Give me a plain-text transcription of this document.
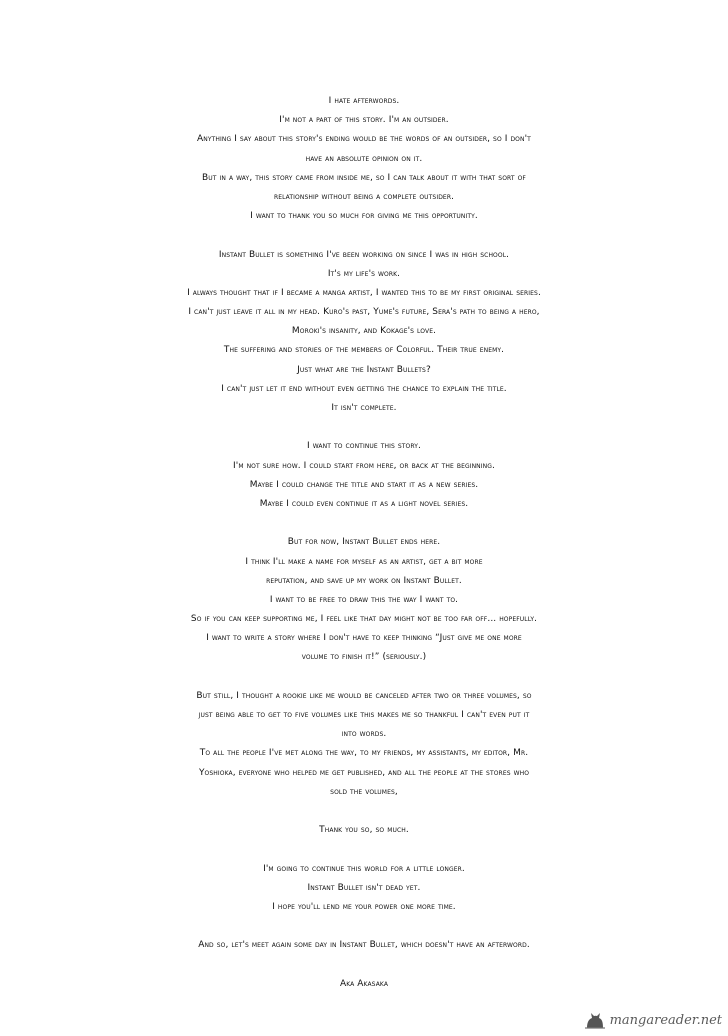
I hate afterwords.
I'm not a part of this story. I'm an outsider.
Anything I say about this story's ending would be the words of an outsider, so I don't
have an absolute opinion on it.
But in a way, this story came from inside me, so I can talk about it with that sort of
relationship without being a complete outsider.
I want to thank you so much for giving me this opportunity.
Instant Bullet is something I've been working on since I was in high school.
It's my life's work.
I always thought that if I became a manga artist, I wanted this to be my first original series.
I can't just leave it all in my head. Kuro's past, Yume's future, Sera's path to being a hero,
Moroki's insanity, and Kokage's love.
The suffering and stories of the members of Colorful. Their true enemy.
Just what are the Instant Bullets?
I can't just let it end without even getting the chance to explain the title.
It isn't complete.
I want to continue this story.
I'm not sure how. I could start from here, or back at the beginning.
Maybe I could change the title and start it as a new series.
Maybe I could even continue it as a light novel series.
But for now, Instant Bullet ends here.
I think I'll make a name for myself as an artist, get a bit more
reputation, and save up my work on Instant Bullet.
I want to be free to draw this the way I want to.
So if you can keep supporting me, I feel like that day might not be too far off... hopefully.
I want to write a story where I don't have to keep thinking “Just give me one more
volume to finish it!” (seriously.)
But still, I thought a rookie like me would be canceled after two or three volumes, so
just being able to get to five volumes like this makes me so thankful I can't even put it
into words.
To all the people I've met along the way, to my friends, my assistants, my editor, Mr.
Yoshioka, everyone who helped me get published, and all the people at the stores who
sold the volumes,
Thank you so, so much.
I'm going to continue this world for a little longer.
Instant Bullet isn't dead yet.
I hope you'll lend me your power one more time.
And so, let's meet again some day in Instant Bullet, which doesn't have an afterword.
Aka Akasaka
mangareader.net
